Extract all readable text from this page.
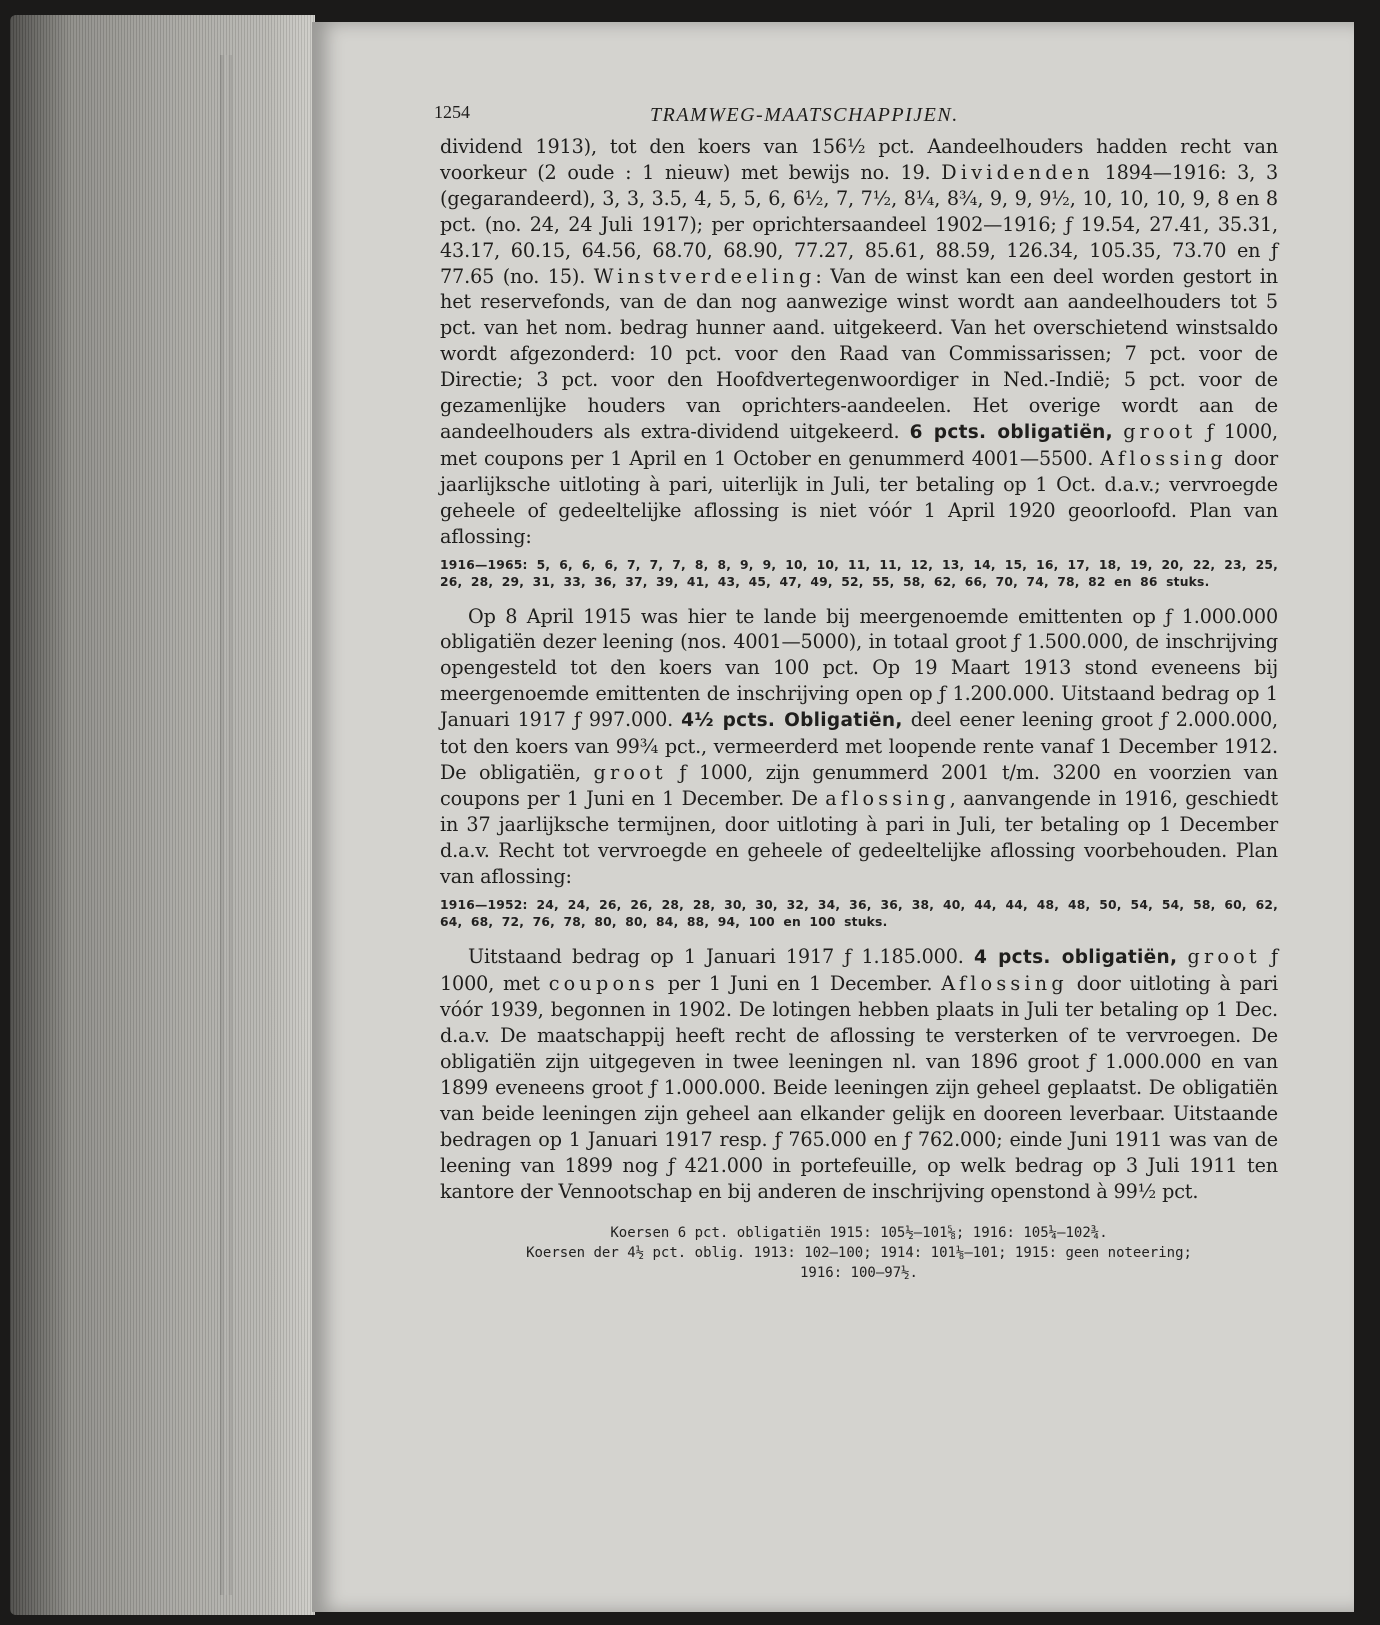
1254	TRAMWEG-MAATSCHAPPIJEN.

dividend 1913), tot den koers van 156½ pct. Aandeelhouders hadden recht van voorkeur (2 oude : 1 nieuw) met bewijs no. 19. Dividenden 1894—1916: 3, 3 (gegarandeerd), 3, 3, 3.5, 4, 5, 5, 6, 6½, 7, 7½, 8¼, 8¾, 9, 9, 9½, 10, 10, 10, 9, 8 en 8 pct. (no. 24, 24 Juli 1917); per oprichtersaandeel 1902—1916; ƒ 19.54, 27.41, 35.31, 43.17, 60.15, 64.56, 68.70, 68.90, 77.27, 85.61, 88.59, 126.34, 105.35, 73.70 en ƒ 77.65 (no. 15). Winstverdeeling: Van de winst kan een deel worden gestort in het reservefonds, van de dan nog aanwezige winst wordt aan aandeelhouders tot 5 pct. van het nom. bedrag hunner aand. uitgekeerd. Van het overschietend winstsaldo wordt afgezonderd: 10 pct. voor den Raad van Commissarissen; 7 pct. voor de Directie; 3 pct. voor den Hoofdvertegenwoordiger in Ned.-Indië; 5 pct. voor de gezamenlijke houders van oprichters-aandeelen. Het overige wordt aan de aandeelhouders als extra-dividend uitgekeerd. 6 pcts. obligatiën, groot ƒ 1000, met coupons per 1 April en 1 October en genummerd 4001—5500. Aflossing door jaarlijksche uitloting à pari, uiterlijk in Juli, ter betaling op 1 Oct. d.a.v.; vervroegde geheele of gedeeltelijke aflossing is niet vóór 1 April 1920 geoorloofd. Plan van aflossing:

1916—1965: 5, 6, 6, 6, 7, 7, 7, 8, 8, 9, 9, 10, 10, 11, 11, 12, 13, 14, 15, 16, 17, 18, 19, 20, 22, 23, 25, 26, 28, 29, 31, 33, 36, 37, 39, 41, 43, 45, 47, 49, 52, 55, 58, 62, 66, 70, 74, 78, 82 en 86 stuks.

Op 8 April 1915 was hier te lande bij meergenoemde emittenten op ƒ 1.000.000 obligatiën dezer leening (nos. 4001—5000), in totaal groot ƒ 1.500.000, de inschrijving opengesteld tot den koers van 100 pct. Op 19 Maart 1913 stond eveneens bij meergenoemde emittenten de inschrijving open op ƒ 1.200.000. Uitstaand bedrag op 1 Januari 1917 ƒ 997.000. 4½ pcts. Obligatiën, deel eener leening groot ƒ 2.000.000, tot den koers van 99¾ pct., vermeerderd met loopende rente vanaf 1 December 1912. De obligatiën, groot ƒ 1000, zijn genummerd 2001 t/m. 3200 en voorzien van coupons per 1 Juni en 1 December. De aflossing, aanvangende in 1916, geschiedt in 37 jaarlijksche termijnen, door uitloting à pari in Juli, ter betaling op 1 December d.a.v. Recht tot vervroegde en geheele of gedeeltelijke aflossing voorbehouden. Plan van aflossing:

1916—1952: 24, 24, 26, 26, 28, 28, 30, 30, 32, 34, 36, 36, 38, 40, 44, 44, 48, 48, 50, 54, 54, 58, 60, 62, 64, 68, 72, 76, 78, 80, 80, 84, 88, 94, 100 en 100 stuks.

Uitstaand bedrag op 1 Januari 1917 ƒ 1.185.000. 4 pcts. obligatiën, groot ƒ 1000, met coupons per 1 Juni en 1 December. Aflossing door uitloting à pari vóór 1939, begonnen in 1902. De lotingen hebben plaats in Juli ter betaling op 1 Dec. d.a.v. De maatschappij heeft recht de aflossing te versterken of te vervroegen. De obligatiën zijn uitgegeven in twee leeningen nl. van 1896 groot ƒ 1.000.000 en van 1899 eveneens groot ƒ 1.000.000. Beide leeningen zijn geheel geplaatst. De obligatiën van beide leeningen zijn geheel aan elkander gelijk en dooreen leverbaar. Uitstaande bedragen op 1 Januari 1917 resp. ƒ 765.000 en ƒ 762.000; einde Juni 1911 was van de leening van 1899 nog ƒ 421.000 in portefeuille, op welk bedrag op 3 Juli 1911 ten kantore der Vennootschap en bij anderen de inschrijving openstond à 99½ pct.

Koersen 6 pct. obligatiën 1915: 105½—101⅝; 1916: 105¼—102¾.

Koersen der 4½ pct. oblig. 1913: 102—100; 1914: 101⅛—101; 1915: geen noteering;

1916: 100—97½.
